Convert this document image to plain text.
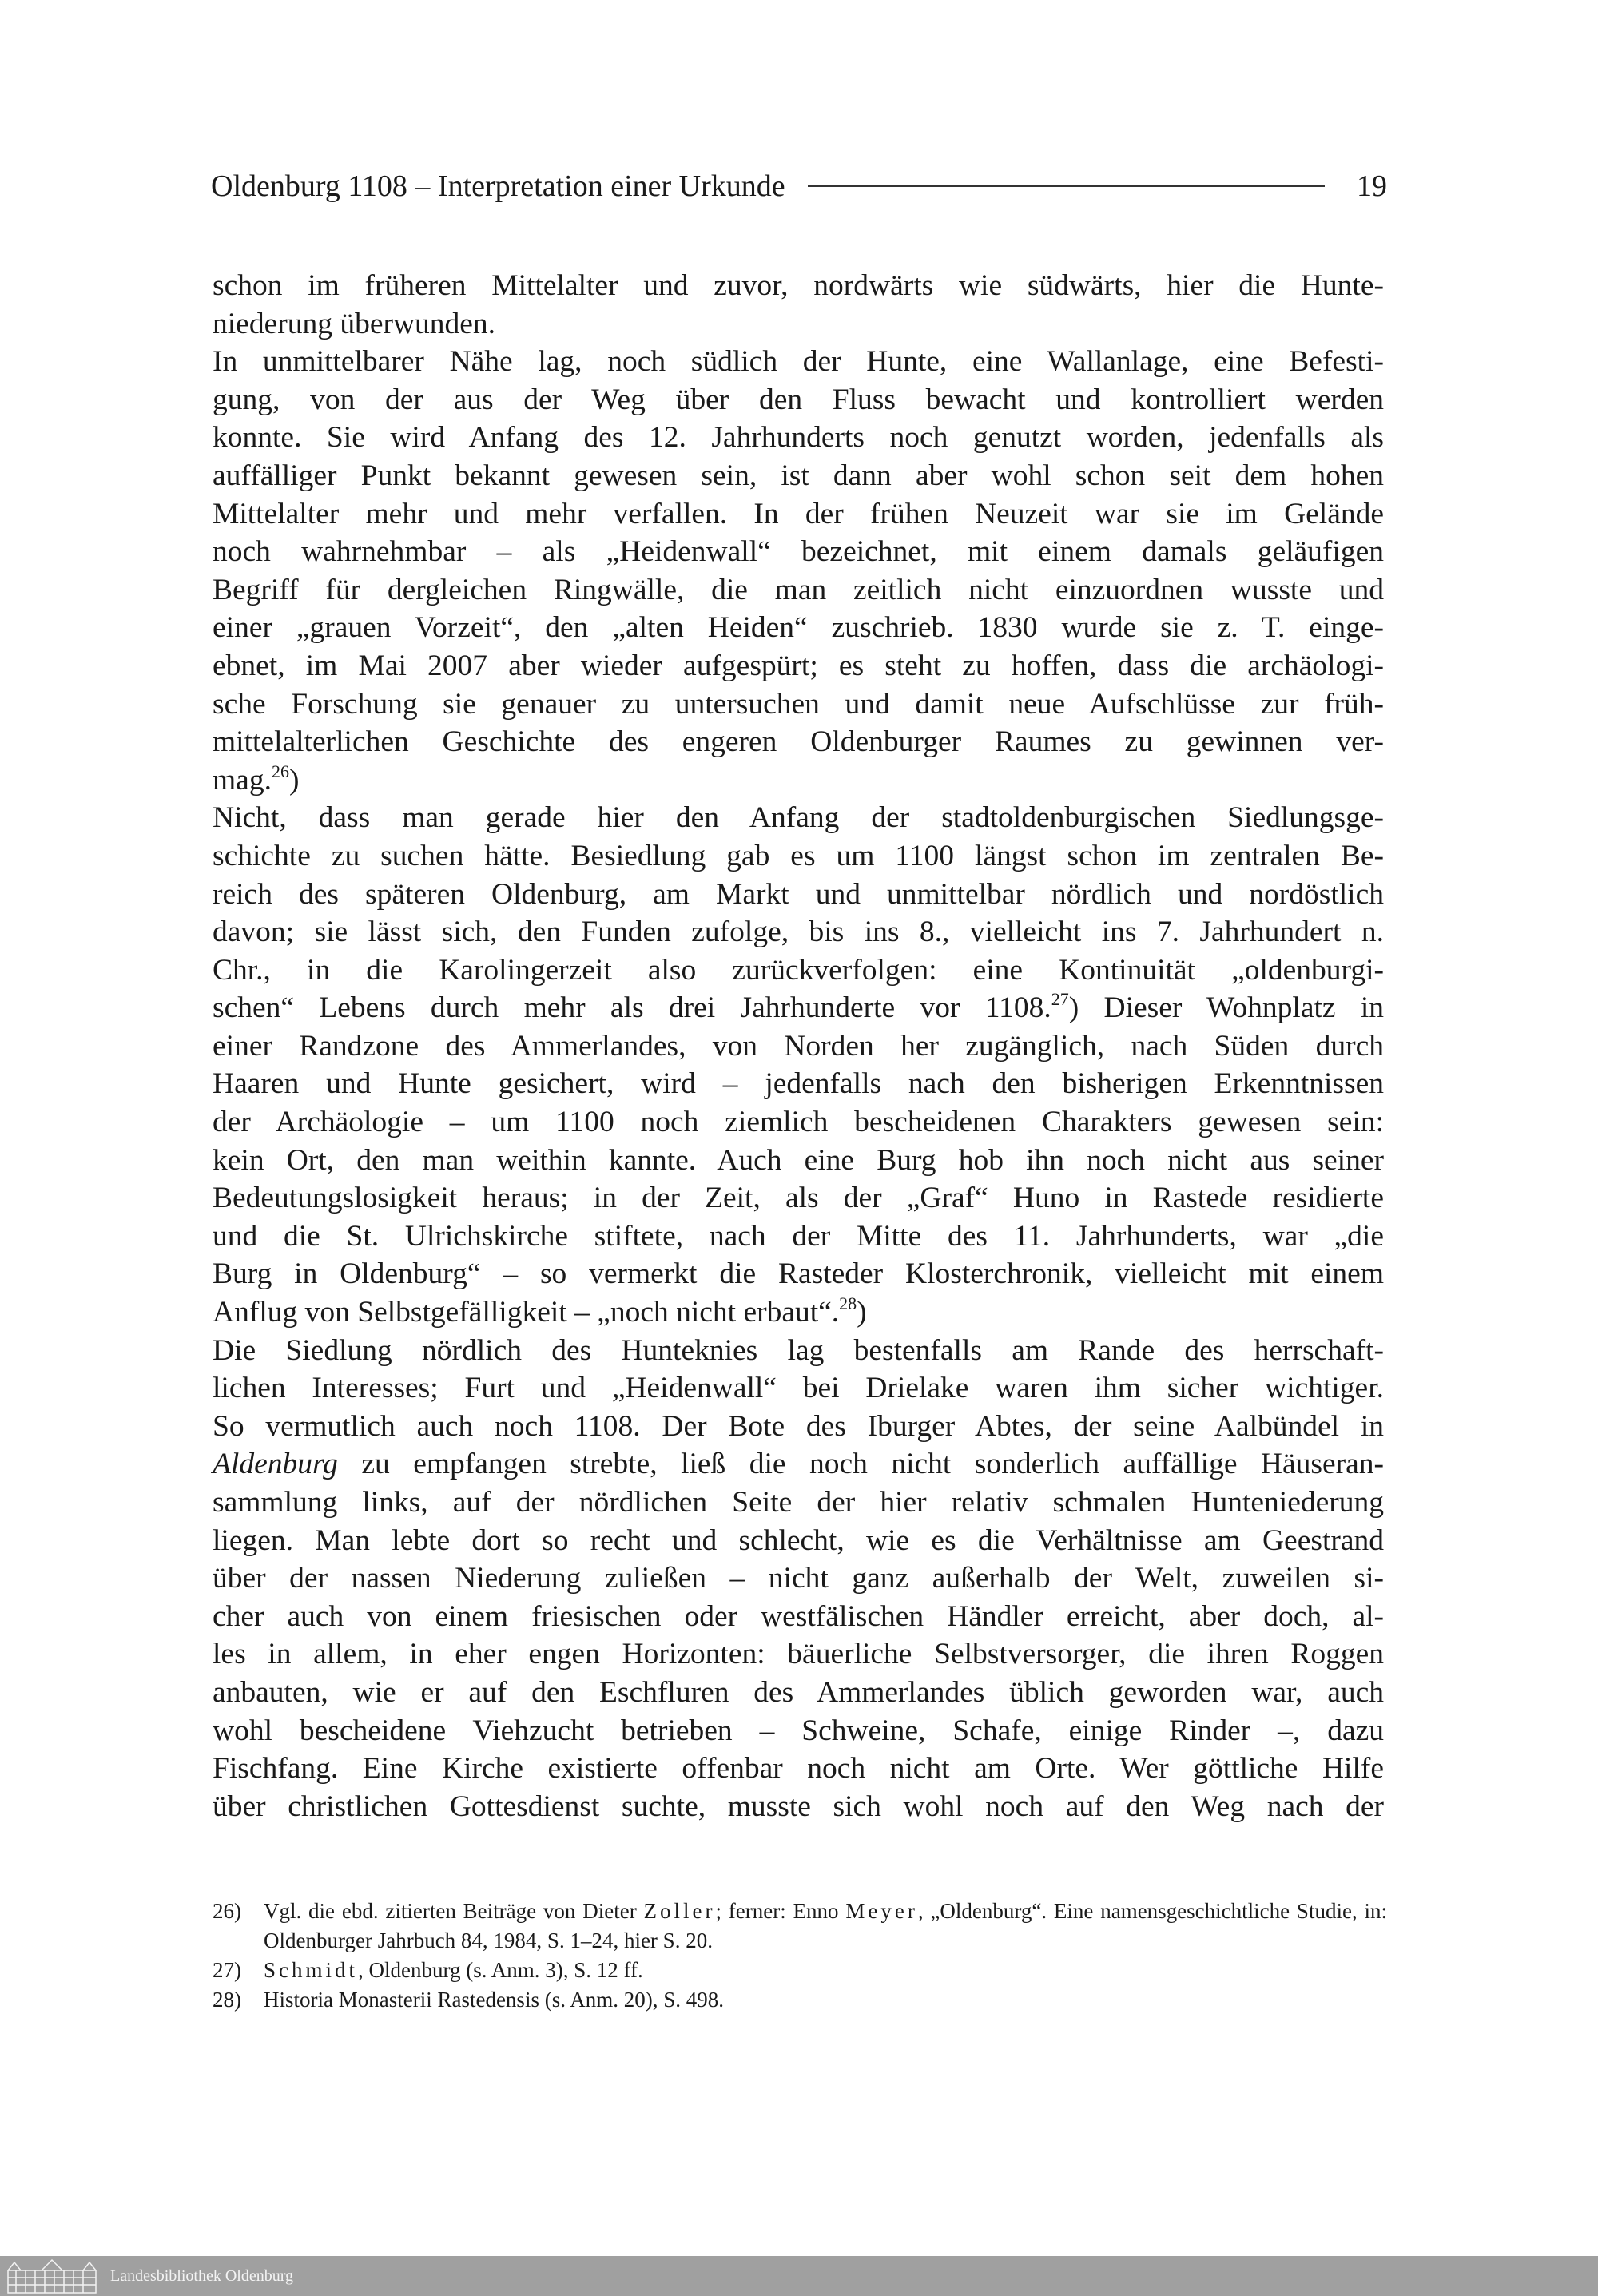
Oldenburg 1108 – Interpretation einer Urkunde	19
schon im früheren Mittelalter und zuvor, nordwärts wie südwärts, hier die Hunte-
niederung überwunden.
In unmittelbarer Nähe lag, noch südlich der Hunte, eine Wallanlage, eine Befesti-
gung, von der aus der Weg über den Fluss bewacht und kontrolliert werden
konnte. Sie wird Anfang des 12. Jahrhunderts noch genutzt worden, jedenfalls als
auffälliger Punkt bekannt gewesen sein, ist dann aber wohl schon seit dem hohen
Mittelalter mehr und mehr verfallen. In der frühen Neuzeit war sie im Gelände
noch wahrnehmbar – als „Heidenwall“ bezeichnet, mit einem damals geläufigen
Begriff für dergleichen Ringwälle, die man zeitlich nicht einzuordnen wusste und
einer „grauen Vorzeit“, den „alten Heiden“ zuschrieb. 1830 wurde sie z. T. einge-
ebnet, im Mai 2007 aber wieder aufgespürt; es steht zu hoffen, dass die archäologi-
sche Forschung sie genauer zu untersuchen und damit neue Aufschlüsse zur früh-
mittelalterlichen Geschichte des engeren Oldenburger Raumes zu gewinnen ver-
mag.$^{26}$)
Nicht, dass man gerade hier den Anfang der stadtoldenburgischen Siedlungsge-
schichte zu suchen hätte. Besiedlung gab es um 1100 längst schon im zentralen Be-
reich des späteren Oldenburg, am Markt und unmittelbar nördlich und nordöstlich
davon; sie lässt sich, den Funden zufolge, bis ins 8., vielleicht ins 7. Jahrhundert n.
Chr., in die Karolingerzeit also zurückverfolgen: eine Kontinuität „oldenburgi-
schen“ Lebens durch mehr als drei Jahrhunderte vor 1108.27) Dieser Wohnplatz in
einer Randzone des Ammerlandes, von Norden her zugänglich, nach Süden durch
Haaren und Hunte gesichert, wird – jedenfalls nach den bisherigen Erkenntnissen
der Archäologie – um 1100 noch ziemlich bescheidenen Charakters gewesen sein:
kein Ort, den man weithin kannte. Auch eine Burg hob ihn noch nicht aus seiner
Bedeutungslosigkeit heraus; in der Zeit, als der „Graf“ Huno in Rastede residierte
und die St. Ulrichskirche stiftete, nach der Mitte des 11. Jahrhunderts, war „die
Burg in Oldenburg“ – so vermerkt die Rasteder Klosterchronik, vielleicht mit einem
Anflug von Selbstgefälligkeit – „noch nicht erbaut“.$^{28}$)
Die Siedlung nördlich des Hunteknies lag bestenfalls am Rande des herrschaft-
lichen Interesses; Furt und „Heidenwall“ bei Drielake waren ihm sicher wichtiger.
So vermutlich auch noch 1108. Der Bote des Iburger Abtes, der seine Aalbündel in
Aldenburg zu empfangen strebte, ließ die noch nicht sonderlich auffällige Häuseran-
sammlung links, auf der nördlichen Seite der hier relativ schmalen Hunteniederung
liegen. Man lebte dort so recht und schlecht, wie es die Verhältnisse am Geestrand
über der nassen Niederung zuließen – nicht ganz außerhalb der Welt, zuweilen si-
cher auch von einem friesischen oder westfälischen Händler erreicht, aber doch, al-
les in allem, in eher engen Horizonten: bäuerliche Selbstversorger, die ihren Roggen
anbauten, wie er auf den Eschfluren des Ammerlandes üblich geworden war, auch
wohl bescheidene Viehzucht betrieben – Schweine, Schafe, einige Rinder –, dazu
Fischfang. Eine Kirche existierte offenbar noch nicht am Orte. Wer göttliche Hilfe
über christlichen Gottesdienst suchte, musste sich wohl noch auf den Weg nach der
26)	Vgl. die ebd. zitierten Beiträge von Dieter Zoller; ferner: Enno Meyer, „Oldenburg“. Eine namensgeschichtliche Studie, in: Oldenburger Jahrbuch 84, 1984, S. 1–24, hier S. 20.
27)	Schmidt, Oldenburg (s. Anm. 3), S. 12 ff.
28)	Historia Monasterii Rastedensis (s. Anm. 20), S. 498.
Landesbibliothek Oldenburg
